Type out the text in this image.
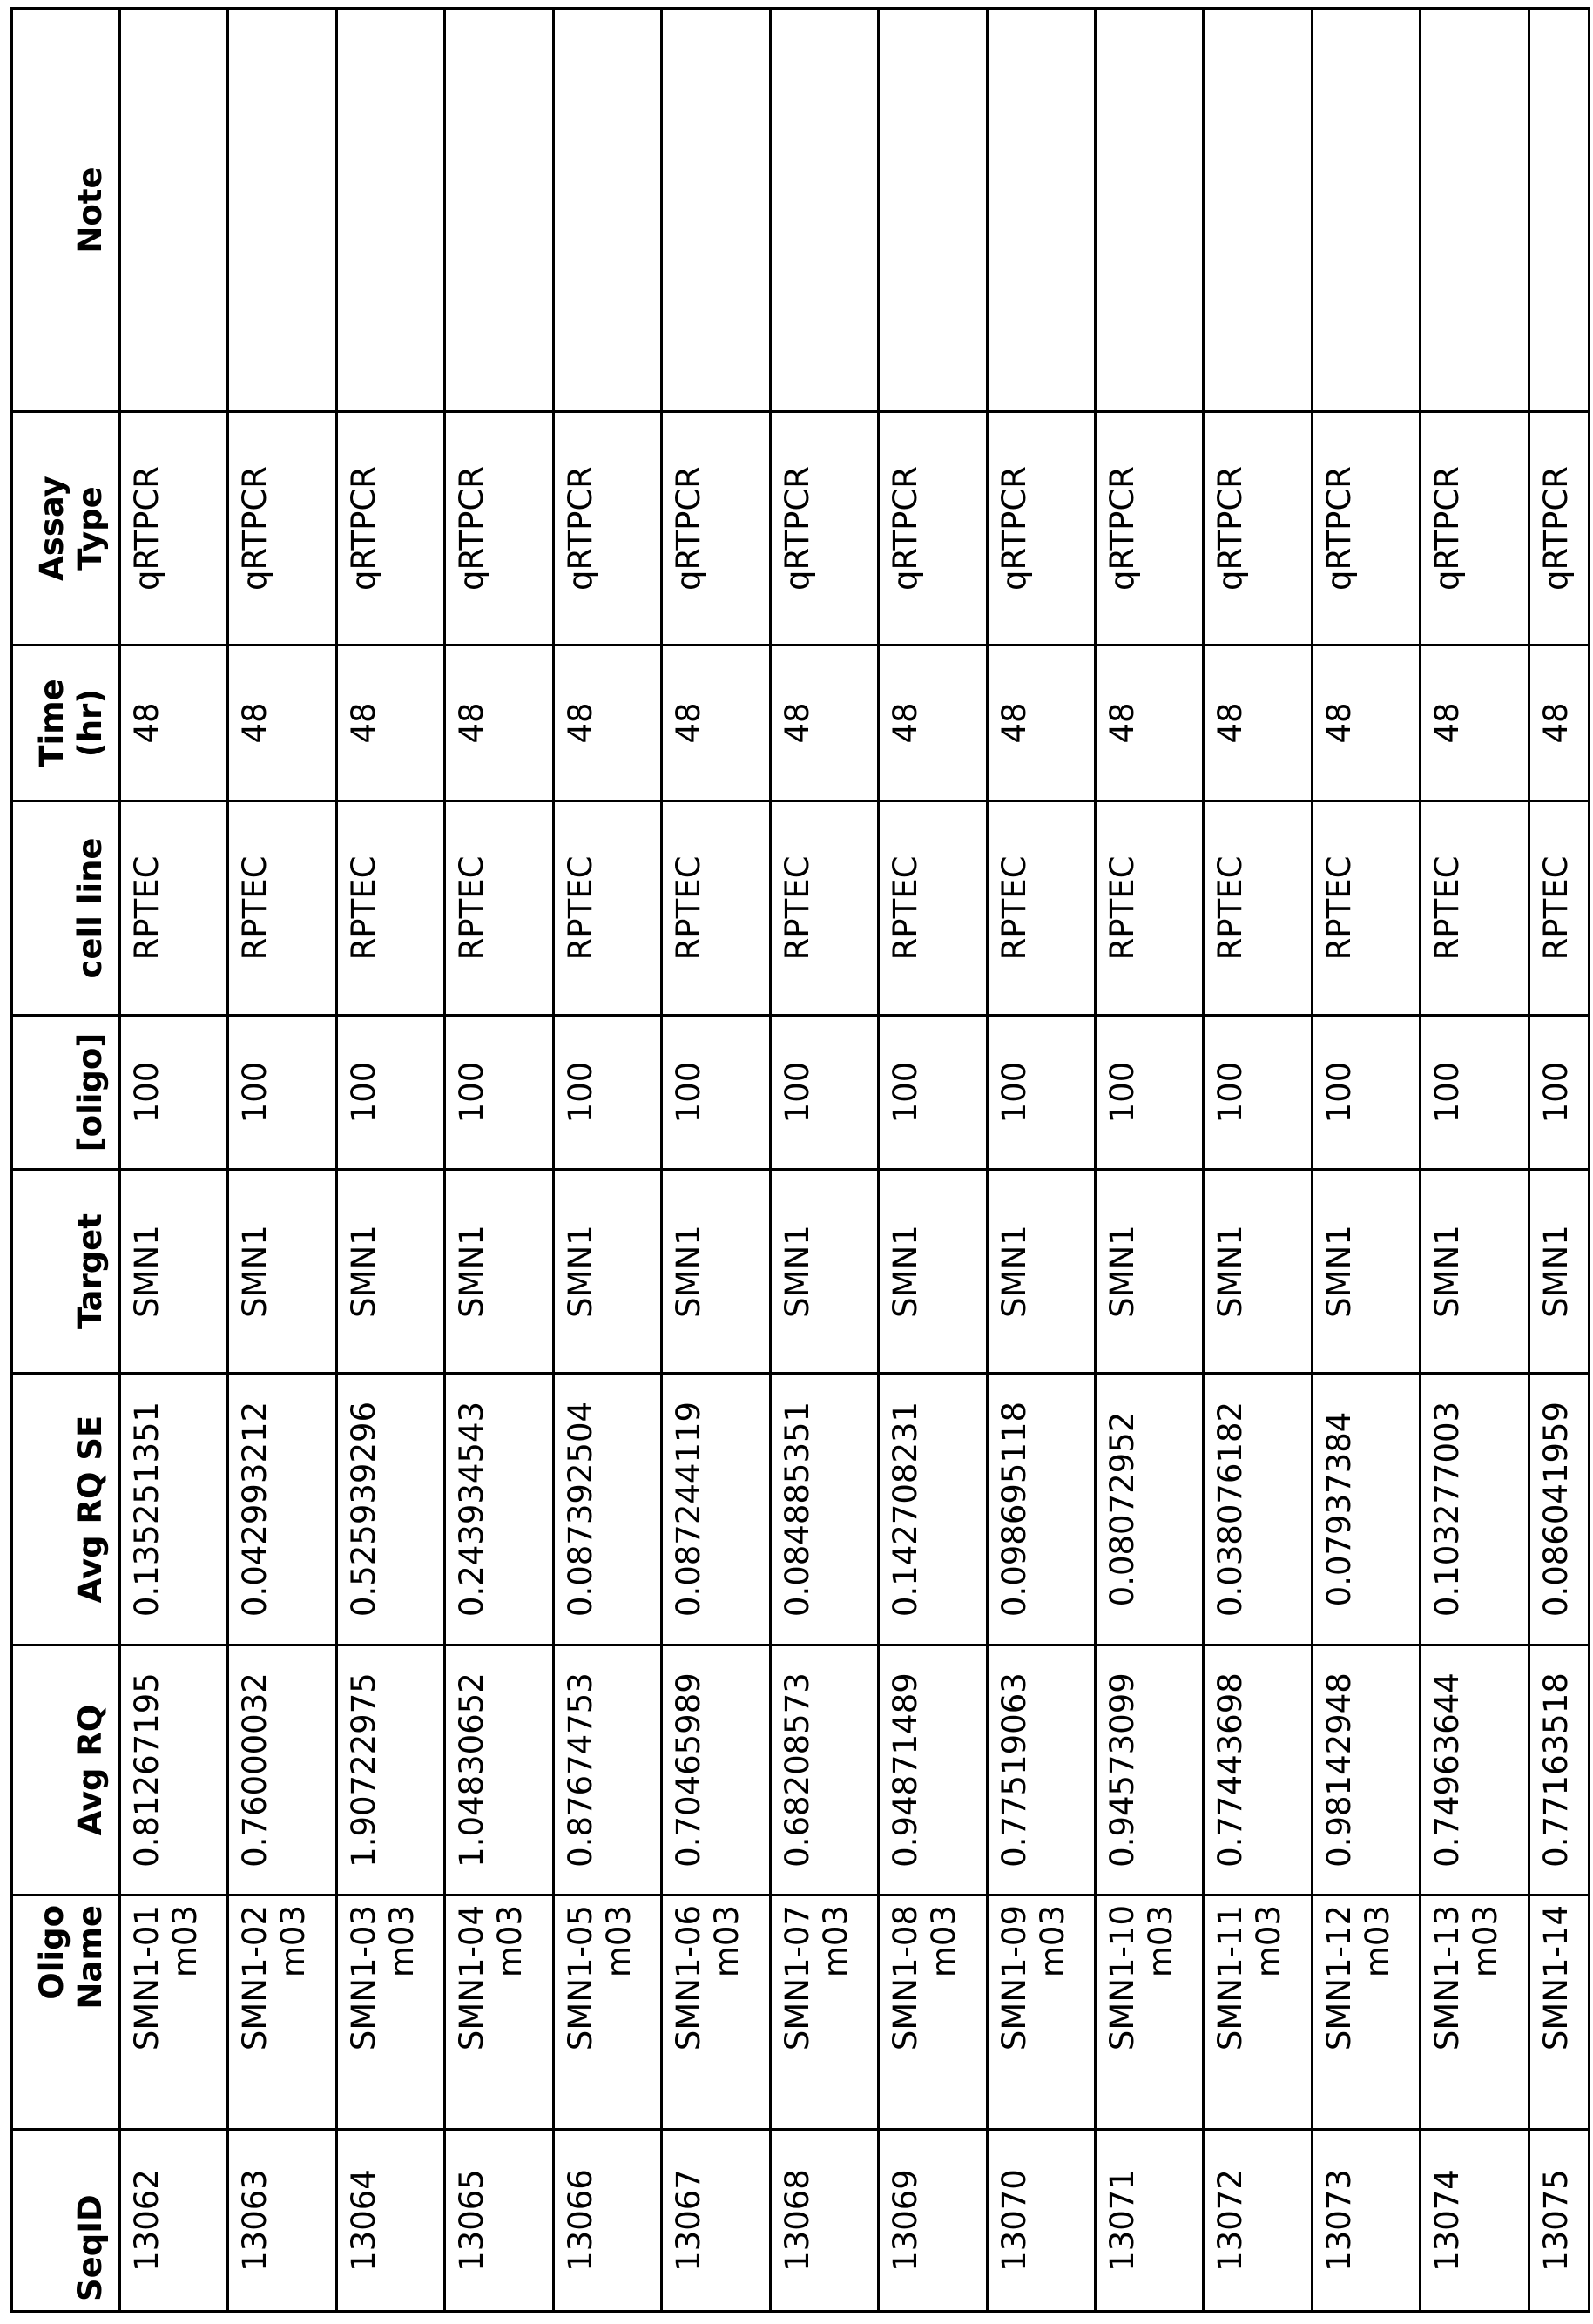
SeqID	Oligo
Name	Avg RQ	Avg RQ SE	Target	[oligo]	cell line	Time
(hr)	Assay
Type	Note
13062	SMN1-01
m03	0.81267195	0.135251351	SMN1	100	RPTEC	48	qRTPCR	
13063	SMN1-02
m03	0.76000032	0.042993212	SMN1	100	RPTEC	48	qRTPCR	
13064	SMN1-03
m03	1.90722975	0.525939296	SMN1	100	RPTEC	48	qRTPCR	
13065	SMN1-04
m03	1.04830652	0.243934543	SMN1	100	RPTEC	48	qRTPCR	
13066	SMN1-05
m03	0.87674753	0.087392504	SMN1	100	RPTEC	48	qRTPCR	
13067	SMN1-06
m03	0.70465989	0.087244119	SMN1	100	RPTEC	48	qRTPCR	
13068	SMN1-07
m03	0.68208573	0.084885351	SMN1	100	RPTEC	48	qRTPCR	
13069	SMN1-08
m03	0.94871489	0.142708231	SMN1	100	RPTEC	48	qRTPCR	
13070	SMN1-09
m03	0.77519063	0.098695118	SMN1	100	RPTEC	48	qRTPCR	
13071	SMN1-10
m03	0.94573099	0.08072952	SMN1	100	RPTEC	48	qRTPCR	
13072	SMN1-11
m03	0.77443698	0.038076182	SMN1	100	RPTEC	48	qRTPCR	
13073	SMN1-12
m03	0.98142948	0.07937384	SMN1	100	RPTEC	48	qRTPCR	
13074	SMN1-13
m03	0.74963644	0.103277003	SMN1	100	RPTEC	48	qRTPCR	
13075	SMN1-14	0.77163518	0.086041959	SMN1	100	RPTEC	48	qRTPCR	
